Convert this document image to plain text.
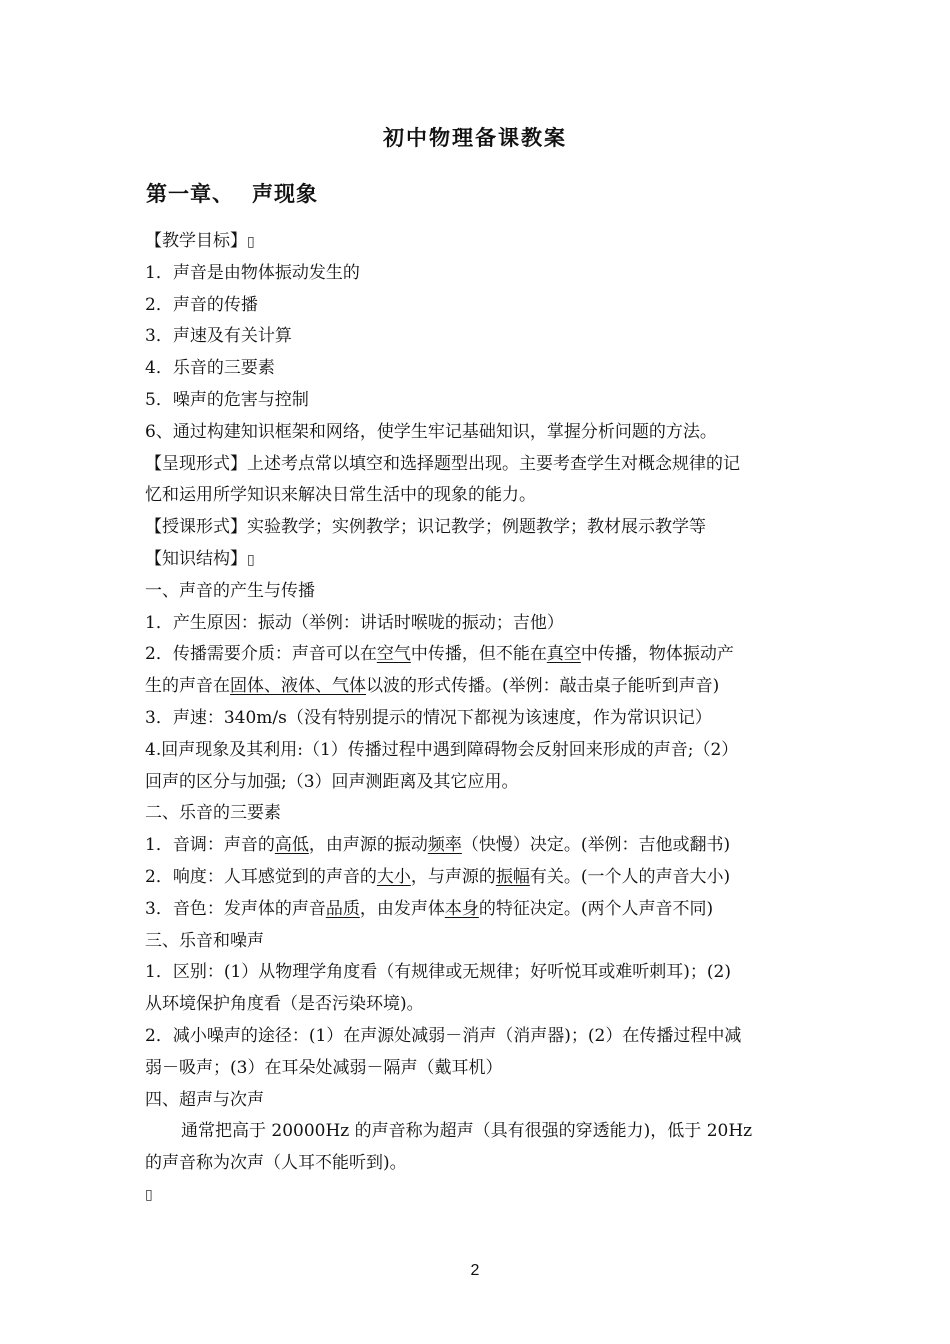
初中物理备课教案
第一章、 声现象
【教学目标】▯
1．声音是由物体振动发生的
2．声音的传播
3．声速及有关计算
4．乐音的三要素
5．噪声的危害与控制
6、通过构建知识框架和网络，使学生牢记基础知识，掌握分析问题的方法。
【呈现形式】上述考点常以填空和选择题型出现。主要考查学生对概念规律的记
忆和运用所学知识来解决日常生活中的现象的能力。
【授课形式】实验教学；实例教学；识记教学；例题教学；教材展示教学等
【知识结构】▯
一、声音的产生与传播
1．产生原因：振动（举例：讲话时喉咙的振动；吉他）
2．传播需要介质：声音可以在空气中传播，但不能在真空中传播，物体振动产
生的声音在固体、液体、气体以波的形式传播。(举例：敲击桌子能听到声音)
3．声速：340m/s（没有特别提示的情况下都视为该速度，作为常识识记）
4.回声现象及其利用:（1）传播过程中遇到障碍物会反射回来形成的声音;（2）
回声的区分与加强;（3）回声测距离及其它应用。
二、乐音的三要素
1．音调：声音的高低，由声源的振动频率（快慢）决定。(举例：吉他或翻书)
2．响度：人耳感觉到的声音的大小，与声源的振幅有关。(一个人的声音大小)
3．音色：发声体的声音品质，由发声体本身的特征决定。(两个人声音不同)
三、乐音和噪声
1．区别：(1）从物理学角度看（有规律或无规律；好听悦耳或难听刺耳)；(2)
从环境保护角度看（是否污染环境)。
2．减小噪声的途径：(1）在声源处减弱－消声（消声器)；(2）在传播过程中减
弱－吸声；(3）在耳朵处减弱－隔声（戴耳机）
四、超声与次声
通常把高于 20000Hz 的声音称为超声（具有很强的穿透能力)，低于 20Hz
的声音称为次声（人耳不能听到)。
▯
2
